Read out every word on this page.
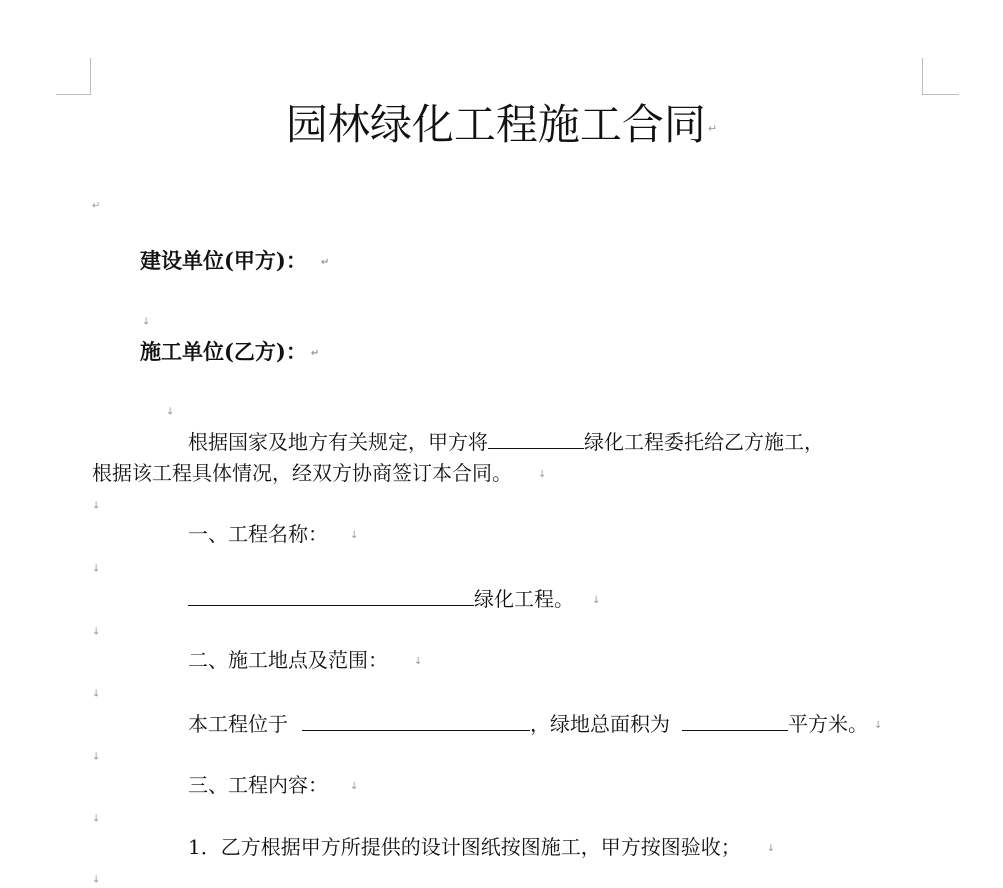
园林绿化工程施工合同 ↵
↵
建设单位(甲方)： ↵
↓
施工单位(乙方)： ↵
↓
根据国家及地方有关规定，甲方将	绿化工程委托给乙方施工，
根据该工程具体情况，经双方协商签订本合同。	↓
↓
一、工程名称： ↓
↓
绿化工程。 ↓
↓
二、施工地点及范围：	↓
↓
本工程位于	，绿地总面积为	平方米。 ↓
↓
三、工程内容： ↓
↓
1．乙方根据甲方所提供的设计图纸按图施工，甲方按图验收；	↓
↓
